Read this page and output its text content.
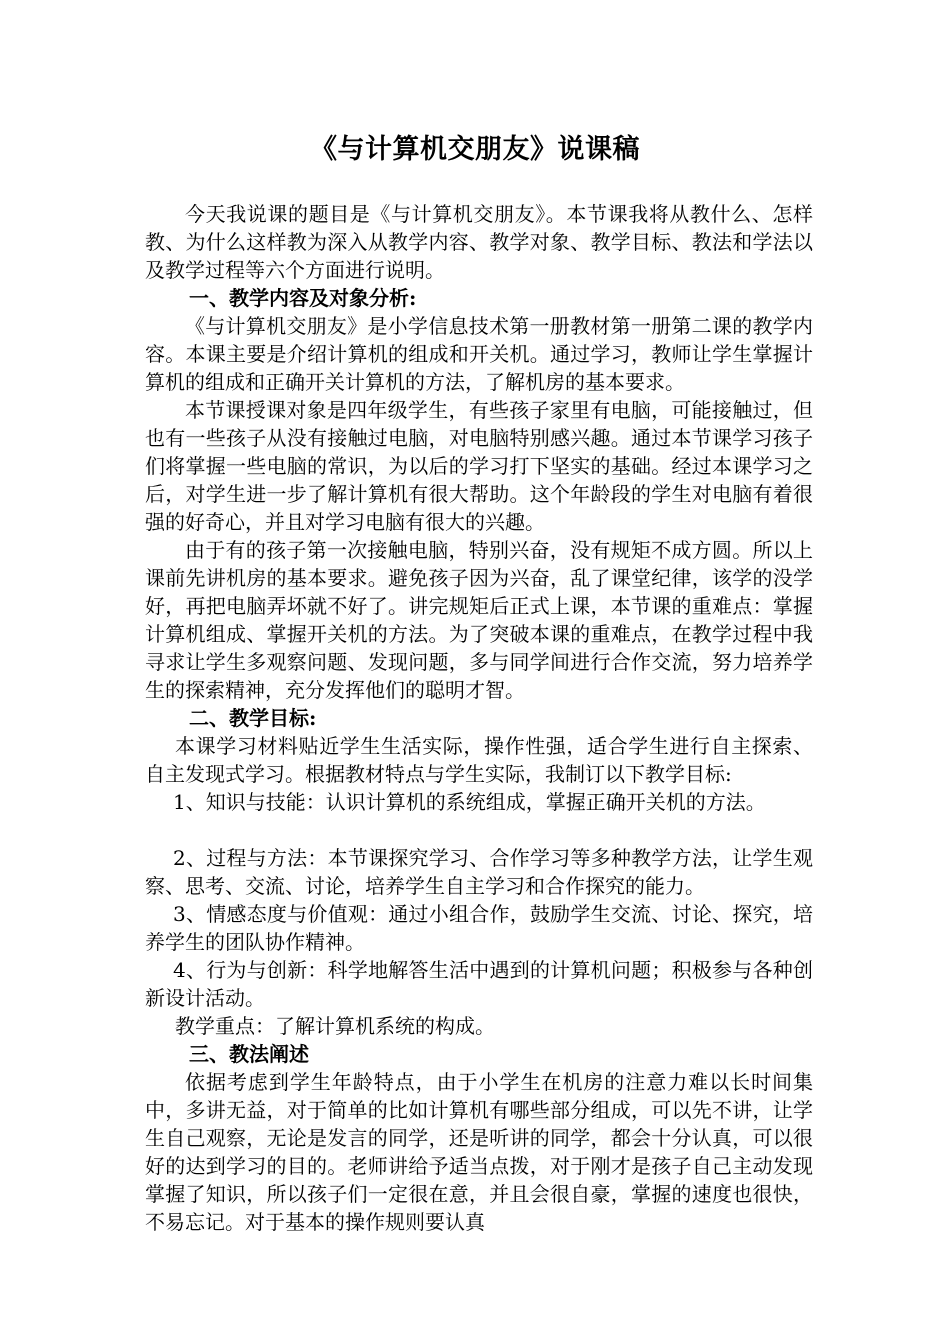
《与计算机交朋友》说课稿

今天我说课的题目是《与计算机交朋友》。本节课我将从教什么、怎样教、为什么这样教为深入从教学内容、教学对象、教学目标、教法和学法以及教学过程等六个方面进行说明。

一、教学内容及对象分析:

《与计算机交朋友》是小学信息技术第一册教材第一册第二课的教学内容。本课主要是介绍计算机的组成和开关机。通过学习，教师让学生掌握计算机的组成和正确开关计算机的方法，了解机房的基本要求。

本节课授课对象是四年级学生，有些孩子家里有电脑，可能接触过，但也有一些孩子从没有接触过电脑，对电脑特别感兴趣。通过本节课学习孩子们将掌握一些电脑的常识，为以后的学习打下坚实的基础。经过本课学习之后，对学生进一步了解计算机有很大帮助。这个年龄段的学生对电脑有着很强的好奇心，并且对学习电脑有很大的兴趣。

由于有的孩子第一次接触电脑，特别兴奋，没有规矩不成方圆。所以上课前先讲机房的基本要求。避免孩子因为兴奋，乱了课堂纪律，该学的没学好，再把电脑弄坏就不好了。讲完规矩后正式上课，本节课的重难点：掌握计算机组成、掌握开关机的方法。为了突破本课的重难点，在教学过程中我寻求让学生多观察问题、发现问题，多与同学间进行合作交流，努力培养学生的探索精神，充分发挥他们的聪明才智。

二、教学目标:

本课学习材料贴近学生生活实际，操作性强，适合学生进行自主探索、自主发现式学习。根据教材特点与学生实际，我制订以下教学目标:

1、知识与技能：认识计算机的系统组成，掌握正确开关机的方法。

2、过程与方法：本节课探究学习、合作学习等多种教学方法，让学生观察、思考、交流、讨论，培养学生自主学习和合作探究的能力。

3、情感态度与价值观：通过小组合作，鼓励学生交流、讨论、探究，培养学生的团队协作精神。

4、行为与创新：科学地解答生活中遇到的计算机问题；积极参与各种创新设计活动。

教学重点：了解计算机系统的构成。

三、教法阐述

依据考虑到学生年龄特点，由于小学生在机房的注意力难以长时间集中，多讲无益，对于简单的比如计算机有哪些部分组成，可以先不讲，让学生自己观察，无论是发言的同学，还是听讲的同学，都会十分认真，可以很好的达到学习的目的。老师讲给予适当点拨，对于刚才是孩子自己主动发现掌握了知识，所以孩子们一定很在意，并且会很自豪，掌握的速度也很快，不易忘记。对于基本的操作规则要认真
